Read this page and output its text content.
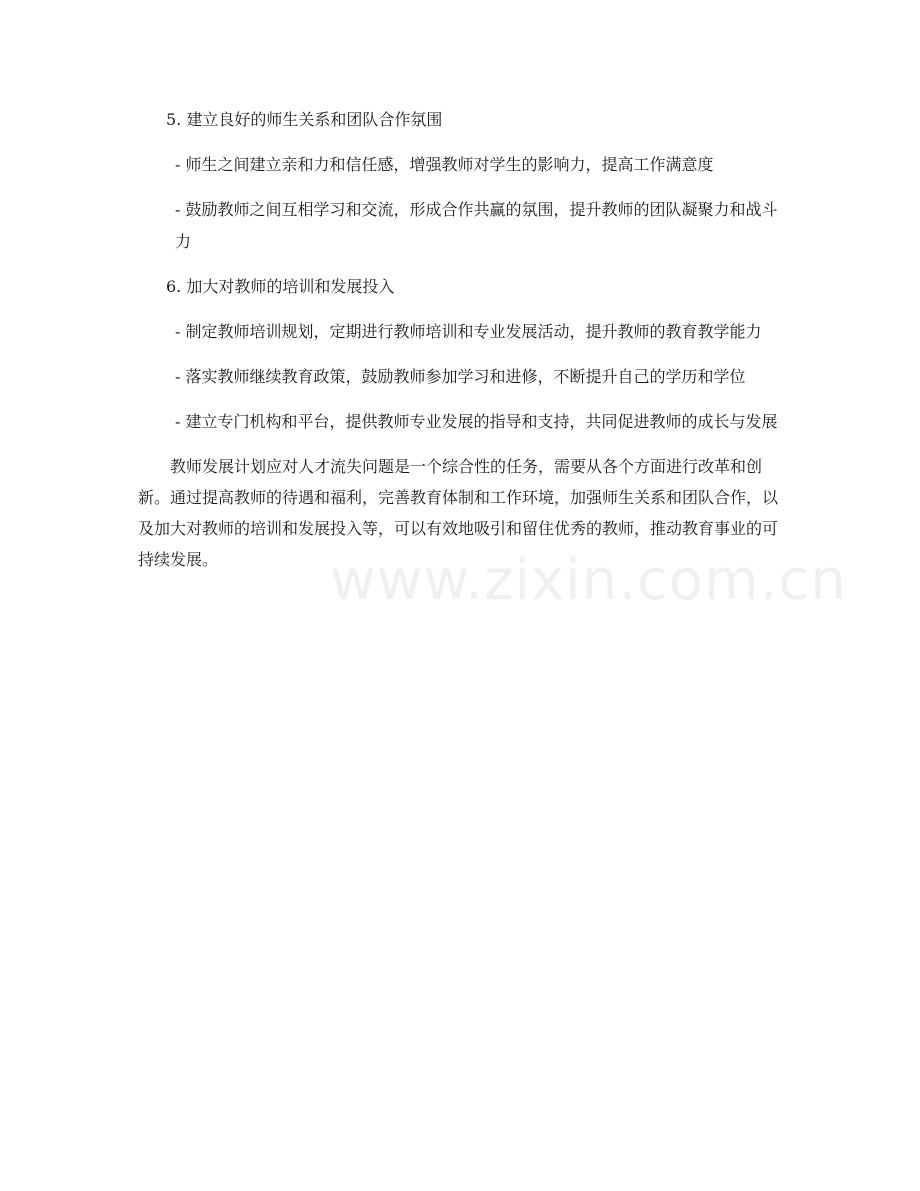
www.zixin.com.cn

5. 建立良好的师生关系和团队合作氛围

- 师生之间建立亲和力和信任感，增强教师对学生的影响力，提高工作满意度

- 鼓励教师之间互相学习和交流，形成合作共赢的氛围，提升教师的团队凝聚力和战斗力

6. 加大对教师的培训和发展投入

- 制定教师培训规划，定期进行教师培训和专业发展活动，提升教师的教育教学能力

- 落实教师继续教育政策，鼓励教师参加学习和进修，不断提升自己的学历和学位

- 建立专门机构和平台，提供教师专业发展的指导和支持，共同促进教师的成长与发展

教师发展计划应对人才流失问题是一个综合性的任务，需要从各个方面进行改革和创新。通过提高教师的待遇和福利，完善教育体制和工作环境，加强师生关系和团队合作，以及加大对教师的培训和发展投入等，可以有效地吸引和留住优秀的教师，推动教育事业的可持续发展。
